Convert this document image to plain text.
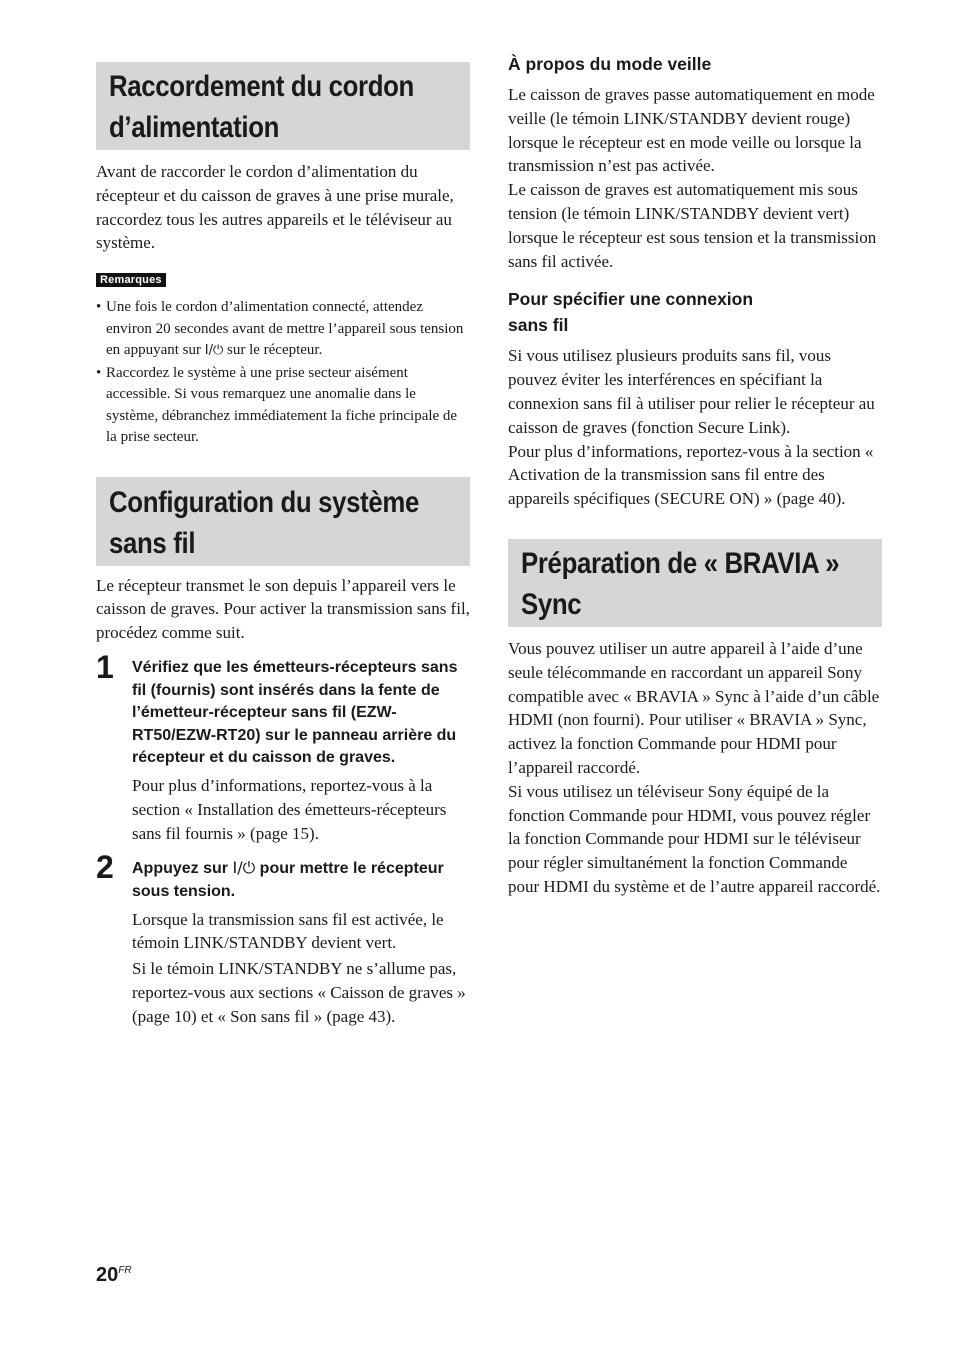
Raccordement du cordon
d’alimentation

Avant de raccorder le cordon d’alimentation du récepteur et du caisson de graves à une prise murale, raccordez tous les autres appareils et le téléviseur au système.

Remarques
• Une fois le cordon d’alimentation connecté, attendez environ 20 secondes avant de mettre l’appareil sous tension en appuyant sur I/⏻ sur le récepteur.
• Raccordez le système à une prise secteur aisément accessible. Si vous remarquez une anomalie dans le système, débranchez immédiatement la fiche principale de la prise secteur.
Configuration du système
sans fil

Le récepteur transmet le son depuis l’appareil vers le caisson de graves. Pour activer la transmission sans fil, procédez comme suit.

1 Vérifiez que les émetteurs-récepteurs sans fil (fournis) sont insérés dans la fente de l’émetteur-récepteur sans fil (EZW-RT50/EZW-RT20) sur le panneau arrière du récepteur et du caisson de graves.

Pour plus d’informations, reportez-vous à la section « Installation des émetteurs-récepteurs sans fil fournis » (page 15).

2 Appuyez sur I/⏻ pour mettre le récepteur sous tension.

Lorsque la transmission sans fil est activée, le témoin LINK/STANDBY devient vert.

Si le témoin LINK/STANDBY ne s’allume pas, reportez-vous aux sections « Caisson de graves » (page 10) et « Son sans fil » (page 43).

À propos du mode veille

Le caisson de graves passe automatiquement en mode veille (le témoin LINK/STANDBY devient rouge) lorsque le récepteur est en mode veille ou lorsque la transmission n’est pas activée.

Le caisson de graves est automatiquement mis sous tension (le témoin LINK/STANDBY devient vert) lorsque le récepteur est sous tension et la transmission sans fil activée.

Pour spécifier une connexion
sans fil

Si vous utilisez plusieurs produits sans fil, vous pouvez éviter les interférences en spécifiant la connexion sans fil à utiliser pour relier le récepteur au caisson de graves (fonction Secure Link).

Pour plus d’informations, reportez-vous à la section « Activation de la transmission sans fil entre des appareils spécifiques (SECURE ON) » (page 40).

Préparation de « BRAVIA »
Sync

Vous pouvez utiliser un autre appareil à l’aide d’une seule télécommande en raccordant un appareil Sony compatible avec « BRAVIA » Sync à l’aide d’un câble HDMI (non fourni). Pour utiliser « BRAVIA » Sync, activez la fonction Commande pour HDMI pour l’appareil raccordé.

Si vous utilisez un téléviseur Sony équipé de la fonction Commande pour HDMI, vous pouvez régler la fonction Commande pour HDMI sur le téléviseur pour régler simultanément la fonction Commande pour HDMI du système et de l’autre appareil raccordé.

$20^{FR}$
